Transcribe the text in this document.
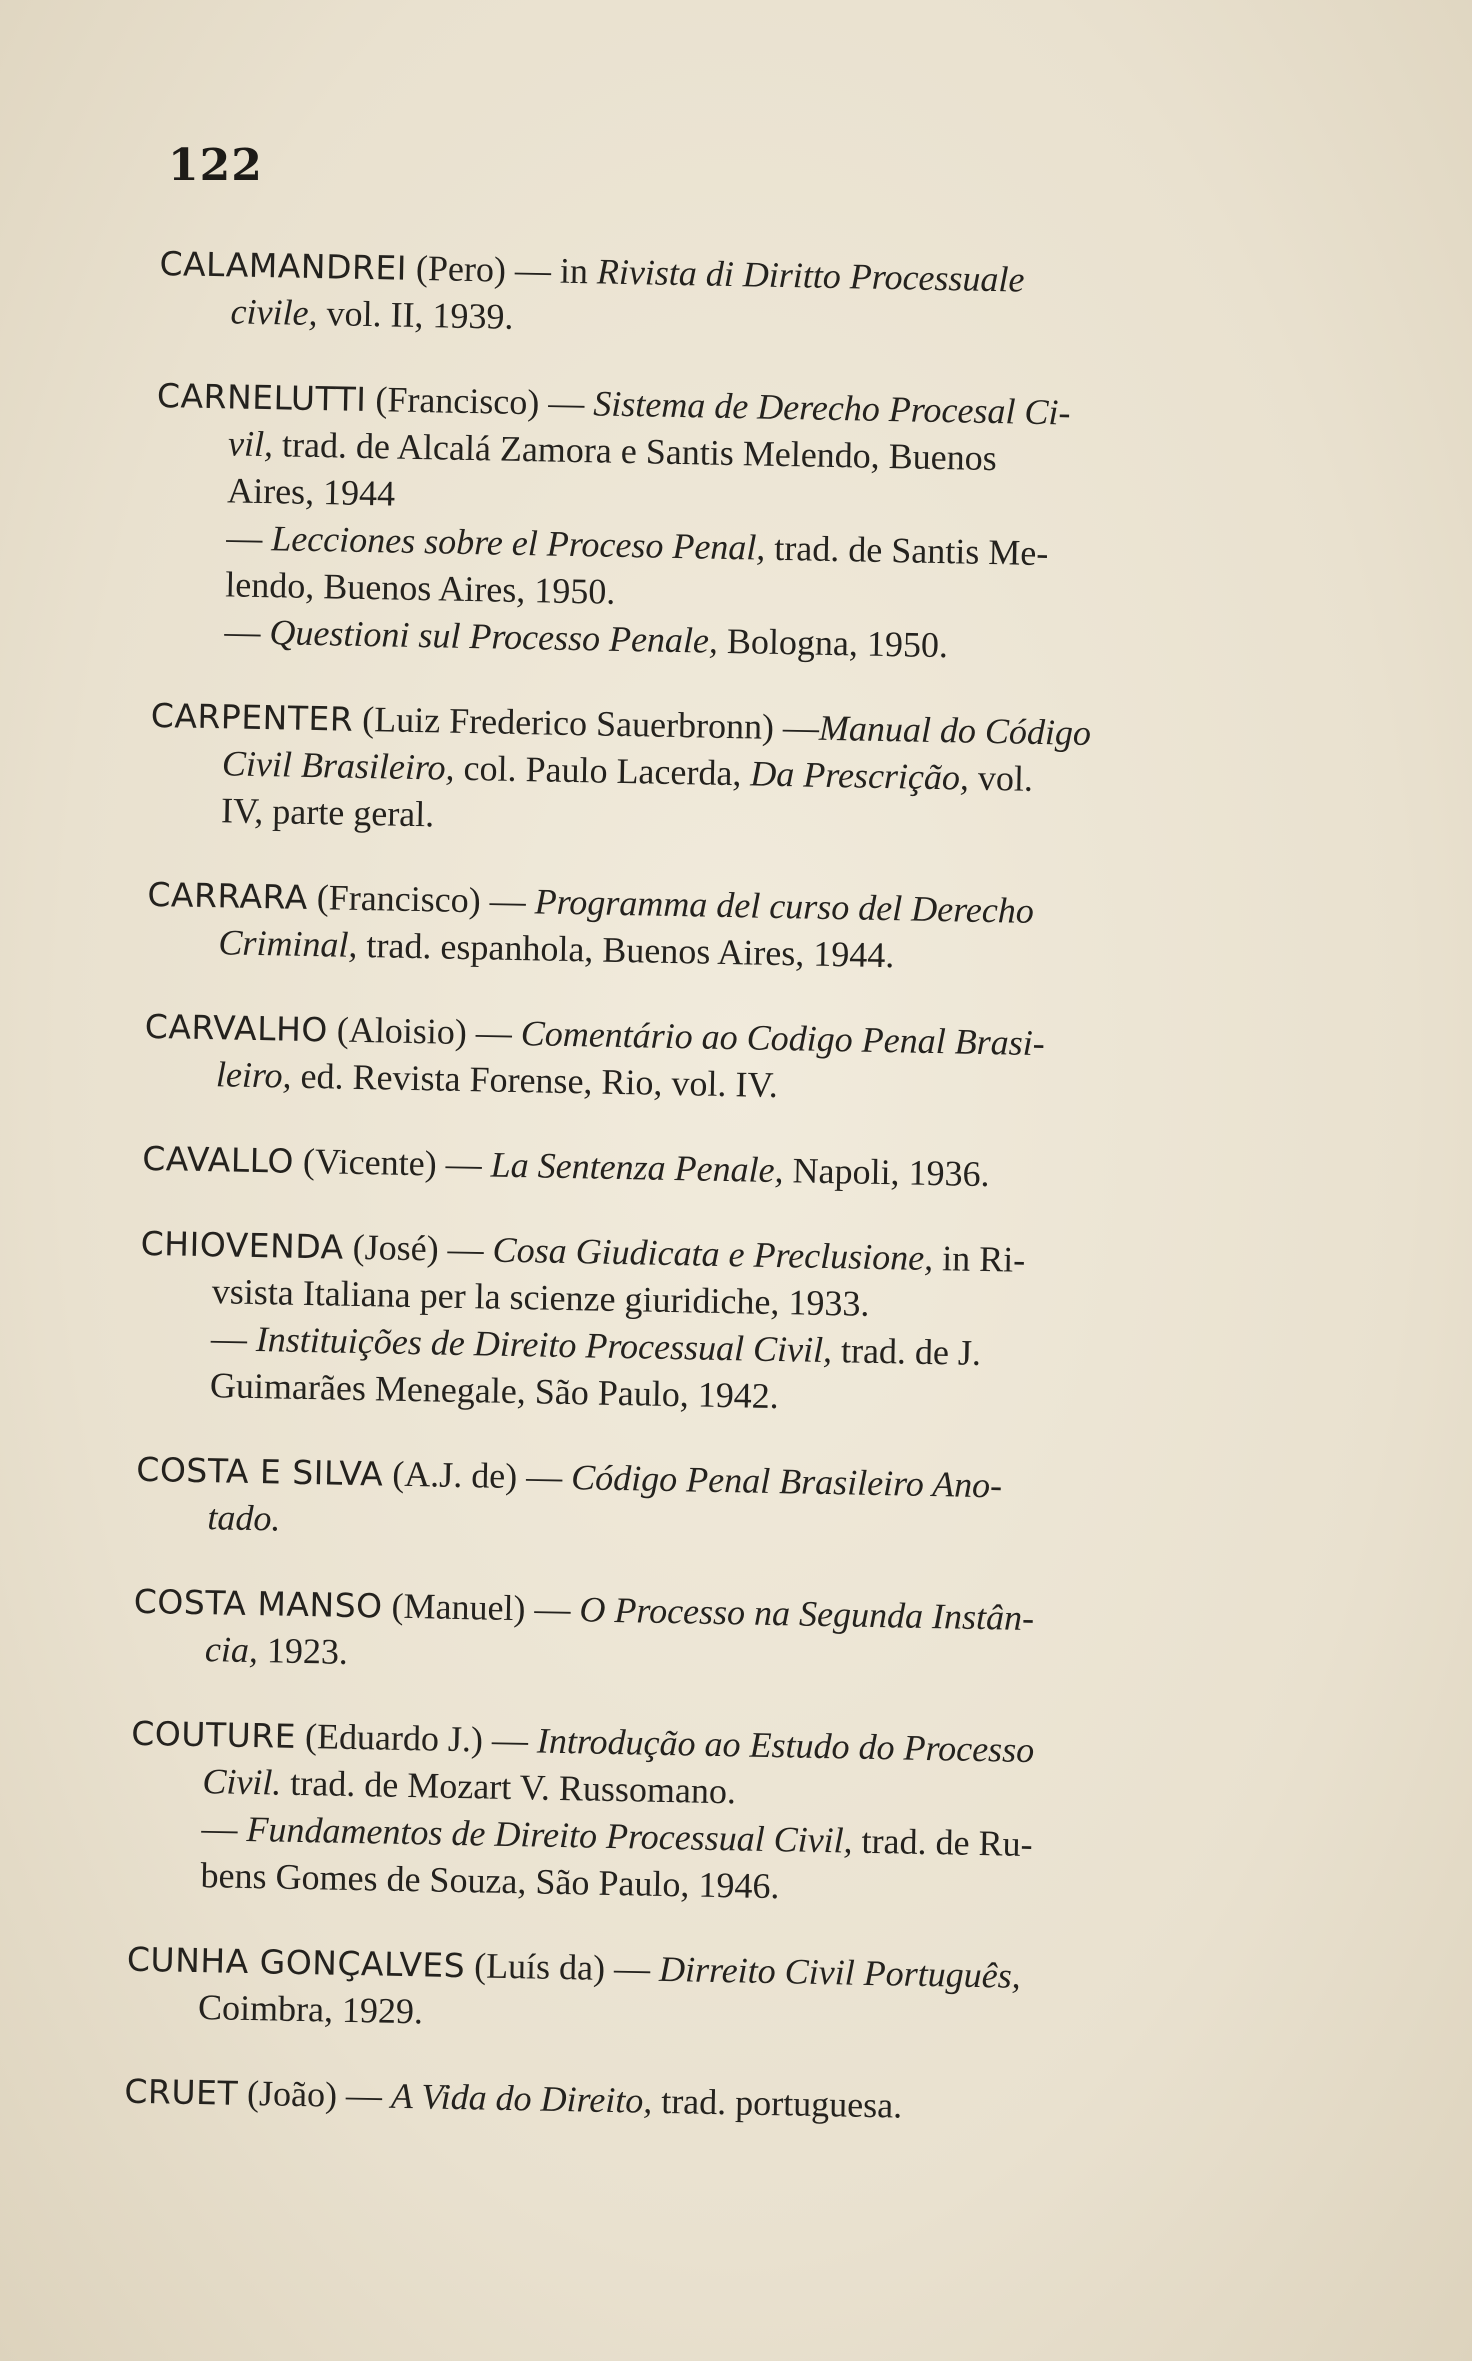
122
CALAMANDREI (Pero) — in Rivista di Diritto Processuale
civile, vol. II, 1939.
CARNELUTTI (Francisco) — Sistema de Derecho Procesal Ci-
vil, trad. de Alcalá Zamora e Santis Melendo, Buenos
Aires, 1944
— Lecciones sobre el Proceso Penal, trad. de Santis Me-
lendo, Buenos Aires, 1950.
— Questioni sul Processo Penale, Bologna, 1950.
CARPENTER (Luiz Frederico Sauerbronn) —Manual do Código
Civil Brasileiro, col. Paulo Lacerda, Da Prescrição, vol.
IV, parte geral.
CARRARA (Francisco) — Programma del curso del Derecho
Criminal, trad. espanhola, Buenos Aires, 1944.
CARVALHO (Aloisio) — Comentário ao Codigo Penal Brasi-
leiro, ed. Revista Forense, Rio, vol. IV.
CAVALLO (Vicente) — La Sentenza Penale, Napoli, 1936.
CHIOVENDA (José) — Cosa Giudicata e Preclusione, in Ri-
vsista Italiana per la scienze giuridiche, 1933.
— Instituições de Direito Processual Civil, trad. de J.
Guimarães Menegale, São Paulo, 1942.
COSTA E SILVA (A.J. de) — Código Penal Brasileiro Ano-
tado.
COSTA MANSO (Manuel) — O Processo na Segunda Instân-
cia, 1923.
COUTURE (Eduardo J.) — Introdução ao Estudo do Processo
Civil. trad. de Mozart V. Russomano.
— Fundamentos de Direito Processual Civil, trad. de Ru-
bens Gomes de Souza, São Paulo, 1946.
CUNHA GONÇALVES (Luís da) — Dirreito Civil Português,
Coimbra, 1929.
CRUET (João) — A Vida do Direito, trad. portuguesa.
